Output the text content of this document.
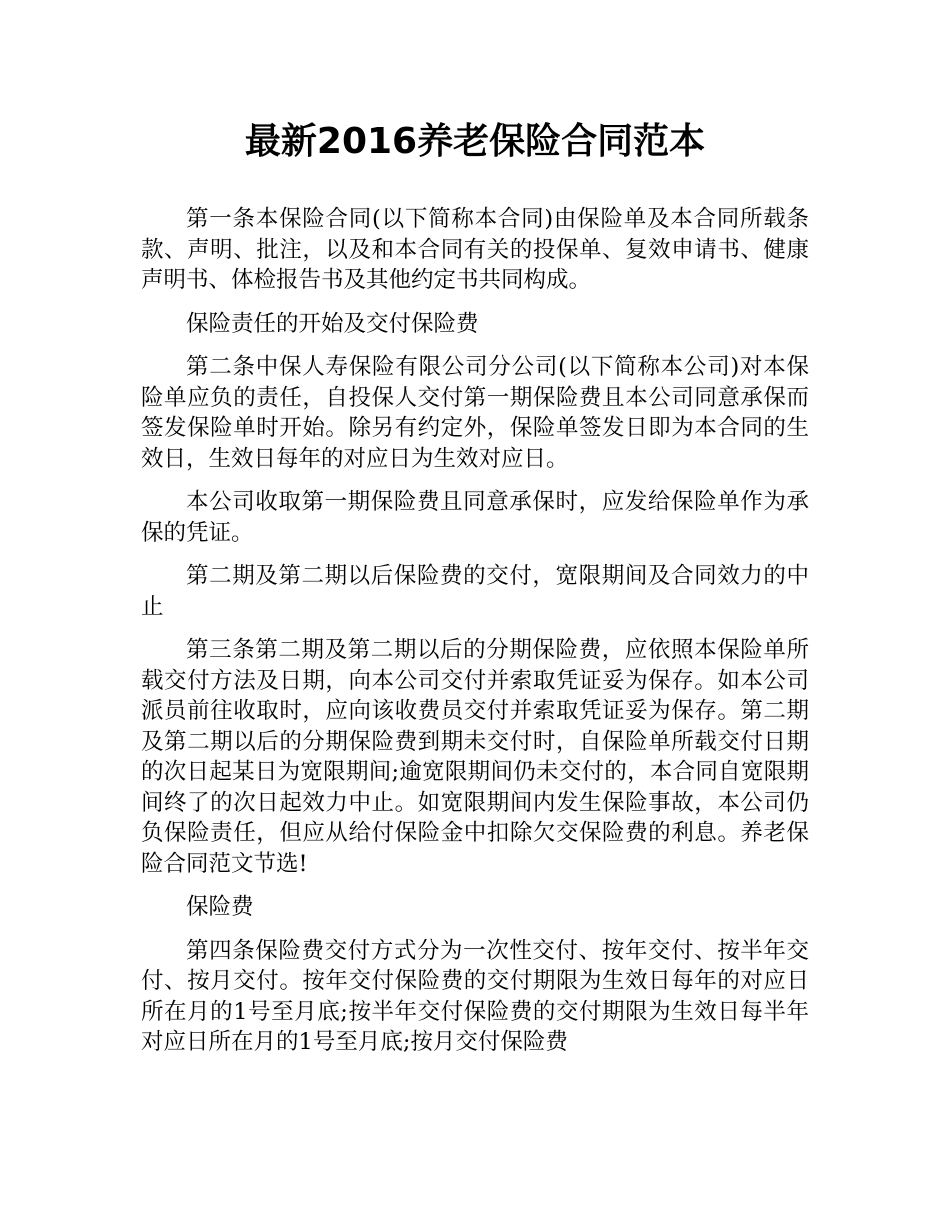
最新2016养老保险合同范本

第一条本保险合同(以下简称本合同)由保险单及本合同所载条款、声明、批注，以及和本合同有关的投保单、复效申请书、健康声明书、体检报告书及其他约定书共同构成。

保险责任的开始及交付保险费

第二条中保人寿保险有限公司分公司(以下简称本公司)对本保险单应负的责任，自投保人交付第一期保险费且本公司同意承保而签发保险单时开始。除另有约定外，保险单签发日即为本合同的生效日，生效日每年的对应日为生效对应日。

本公司收取第一期保险费且同意承保时，应发给保险单作为承保的凭证。

第二期及第二期以后保险费的交付，宽限期间及合同效力的中止

第三条第二期及第二期以后的分期保险费，应依照本保险单所载交付方法及日期，向本公司交付并索取凭证妥为保存。如本公司派员前往收取时，应向该收费员交付并索取凭证妥为保存。第二期及第二期以后的分期保险费到期未交付时，自保险单所载交付日期的次日起某日为宽限期间;逾宽限期间仍未交付的，本合同自宽限期间终了的次日起效力中止。如宽限期间内发生保险事故，本公司仍负保险责任，但应从给付保险金中扣除欠交保险费的利息。养老保险合同范文节选!

保险费

第四条保险费交付方式分为一次性交付、按年交付、按半年交付、按月交付。按年交付保险费的交付期限为生效日每年的对应日所在月的1号至月底;按半年交付保险费的交付期限为生效日每半年对应日所在月的1号至月底;按月交付保险费
